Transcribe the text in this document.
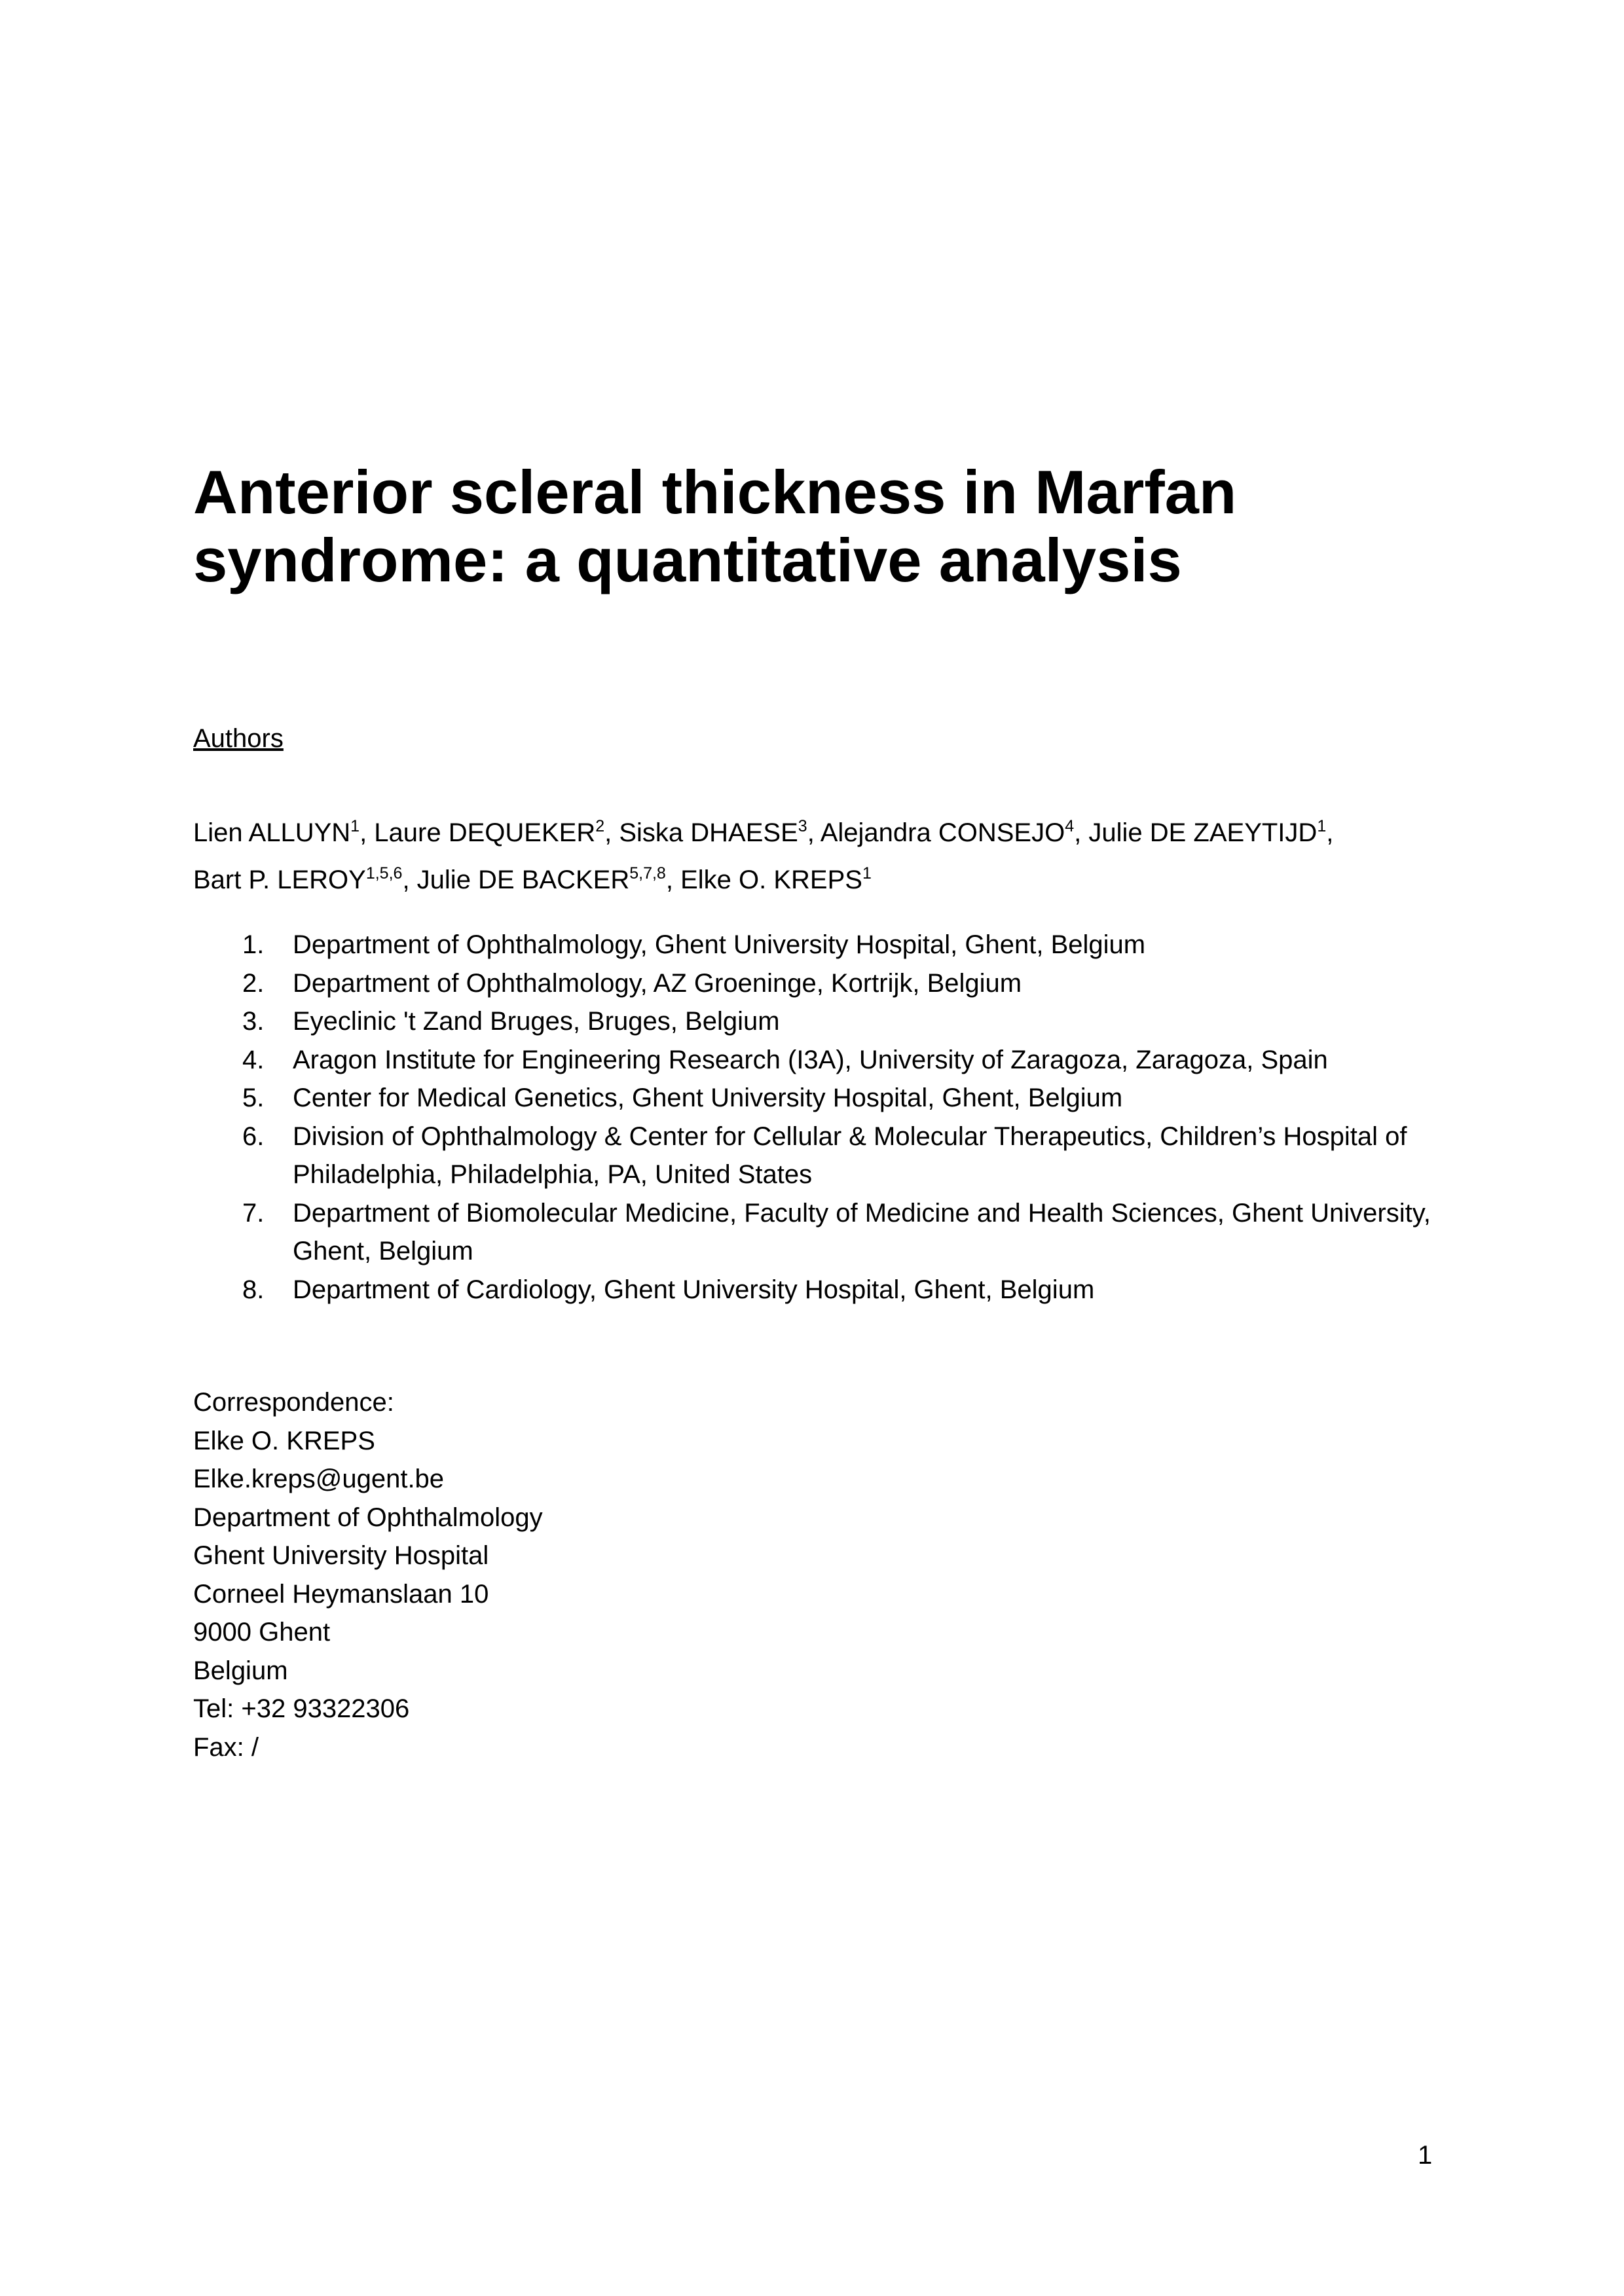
Anterior scleral thickness in Marfan
syndrome: a quantitative analysis
Authors
Lien ALLUYN$^1$, Laure DEQUEKER$^2$, Siska DHAESE$^3$, Alejandra CONSEJO$^4$, Julie DE ZAEYTIJD$^1$,
Bart P. LEROY$^{1,5,6}$, Julie DE BACKER$^{5,7,8}$, Elke O. KREPS$^1$
1. Department of Ophthalmology, Ghent University Hospital, Ghent, Belgium
2. Department of Ophthalmology, AZ Groeninge, Kortrijk, Belgium
3. Eyeclinic 't Zand Bruges, Bruges, Belgium
4. Aragon Institute for Engineering Research (I3A), University of Zaragoza, Zaragoza, Spain
5. Center for Medical Genetics, Ghent University Hospital, Ghent, Belgium
6. Division of Ophthalmology & Center for Cellular & Molecular Therapeutics, Children’s Hospital of Philadelphia, Philadelphia, PA, United States
7. Department of Biomolecular Medicine, Faculty of Medicine and Health Sciences, Ghent University, Ghent, Belgium
8. Department of Cardiology, Ghent University Hospital, Ghent, Belgium
Correspondence:
Elke O. KREPS
Elke.kreps@ugent.be
Department of Ophthalmology
Ghent University Hospital
Corneel Heymanslaan 10
9000 Ghent
Belgium
Tel: +32 93322306
Fax: /
1
